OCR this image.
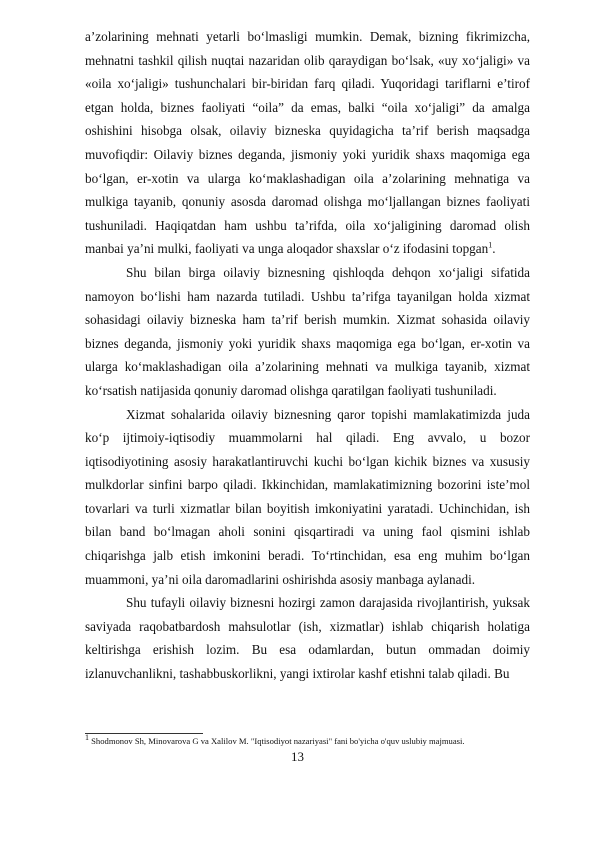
a’zolarining mehnati yetarli bo‘lmasligi mumkin. Demak, bizning fikrimizcha, mehnatni tashkil qilish nuqtai nazaridan olib qaraydigan bo‘lsak, «uy xo‘jaligi» va «oila xo‘jaligi» tushunchalari bir-biridan farq qiladi. Yuqoridagi tariflarni e’tirof etgan holda, biznes faoliyati “oila” da emas, balki “oila xo‘jaligi” da amalga oshishini hisobga olsak, oilaviy bizneska quyidagicha ta’rif berish maqsadga muvofiqdir: Oilaviy biznes deganda, jismoniy yoki yuridik shaxs maqomiga ega bo‘lgan, er-xotin va ularga ko‘maklashadigan oila a’zolarining mehnatiga va mulkiga tayanib, qonuniy asosda daromad olishga mo‘ljallangan biznes faoliyati tushuniladi. Haqiqatdan ham ushbu ta’rifda, oila xo‘jaligining daromad olish manbai ya’ni mulki, faoliyati va unga aloqador shaxslar o‘z ifodasini topgan$^1$.

Shu bilan birga oilaviy biznesning qishloqda dehqon xo‘jaligi sifatida namoyon bo‘lishi ham nazarda tutiladi. Ushbu ta’rifga tayanilgan holda xizmat sohasidagi oilaviy bizneska ham ta’rif berish mumkin. Xizmat sohasida oilaviy biznes deganda, jismoniy yoki yuridik shaxs maqomiga ega bo‘lgan, er-xotin va ularga ko‘maklashadigan oila a’zolarining mehnati va mulkiga tayanib, xizmat ko‘rsatish natijasida qonuniy daromad olishga qaratilgan faoliyati tushuniladi.

Xizmat sohalarida oilaviy biznesning qaror topishi mamlakatimizda juda ko‘p ijtimoiy-iqtisodiy muammolarni hal qiladi. Eng avvalo, u bozor iqtisodiyotining asosiy harakatlantiruvchi kuchi bo‘lgan kichik biznes va xususiy mulkdorlar sinfini barpo qiladi. Ikkinchidan, mamlakatimizning bozorini iste’mol tovarlari va turli xizmatlar bilan boyitish imkoniyatini yaratadi. Uchinchidan, ish bilan band bo‘lmagan aholi sonini qisqartiradi va uning faol qismini ishlab chiqarishga jalb etish imkonini beradi. To‘rtinchidan, esa eng muhim bo‘lgan muammoni, ya’ni oila daromadlarini oshirishda asosiy manbaga aylanadi.

Shu tufayli oilaviy biznesni hozirgi zamon darajasida rivojlantirish, yuksak saviyada raqobatbardosh mahsulotlar (ish, xizmatlar) ishlab chiqarish holatiga keltirishga erishish lozim. Bu esa odamlardan, butun ommadan doimiy izlanuvchanlikni, tashabbuskorlikni, yangi ixtirolar kashf etishni talab qiladi. Bu

$^1$ Shodmonov Sh, Minovarova G va Xalilov M. "Iqtisodiyot nazariyasi" fani bo'yicha o'quv uslubiy majmuasi.
13
